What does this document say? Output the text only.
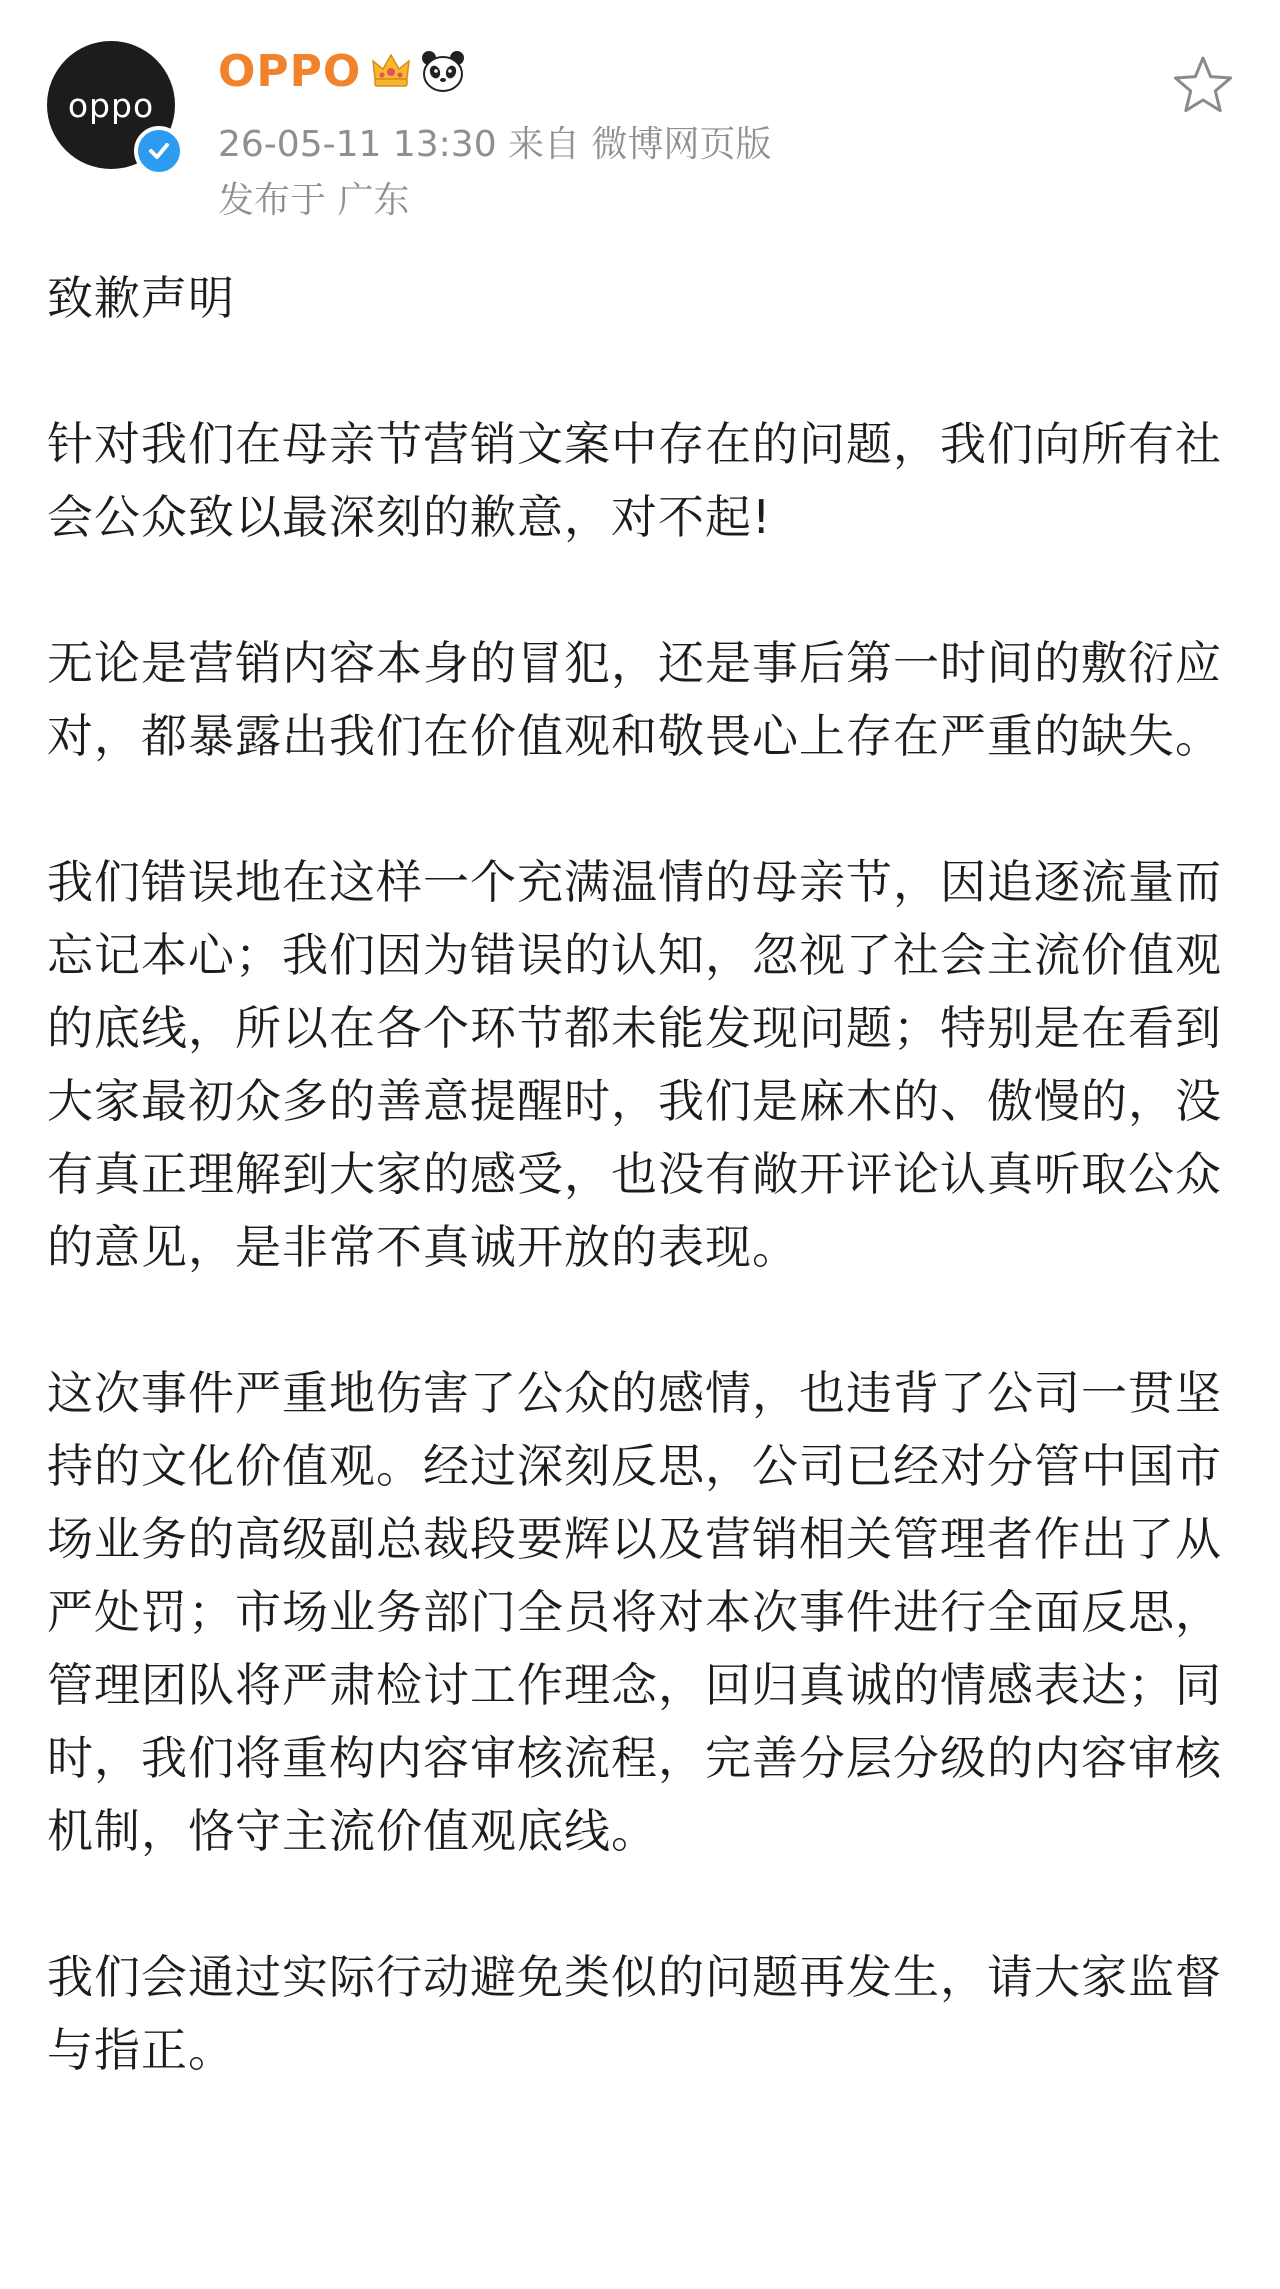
oppo
OPPO
26-05-11 13:30 来自 微博网页版
发布于 广东

致歉声明

针对我们在母亲节营销文案中存在的问题，我们向所有社会公众致以最深刻的歉意，对不起!

无论是营销内容本身的冒犯，还是事后第一时间的敷衍应对，都暴露出我们在价值观和敬畏心上存在严重的缺失。

我们错误地在这样一个充满温情的母亲节，因追逐流量而忘记本心；我们因为错误的认知，忽视了社会主流价值观的底线，所以在各个环节都未能发现问题；特别是在看到大家最初众多的善意提醒时，我们是麻木的、傲慢的，没有真正理解到大家的感受，也没有敞开评论认真听取公众的意见，是非常不真诚开放的表现。

这次事件严重地伤害了公众的感情，也违背了公司一贯坚持的文化价值观。经过深刻反思，公司已经对分管中国市场业务的高级副总裁段要辉以及营销相关管理者作出了从严处罚；市场业务部门全员将对本次事件进行全面反思，管理团队将严肃检讨工作理念，回归真诚的情感表达；同时，我们将重构内容审核流程，完善分层分级的内容审核机制，恪守主流价值观底线。

我们会通过实际行动避免类似的问题再发生，请大家监督与指正。
